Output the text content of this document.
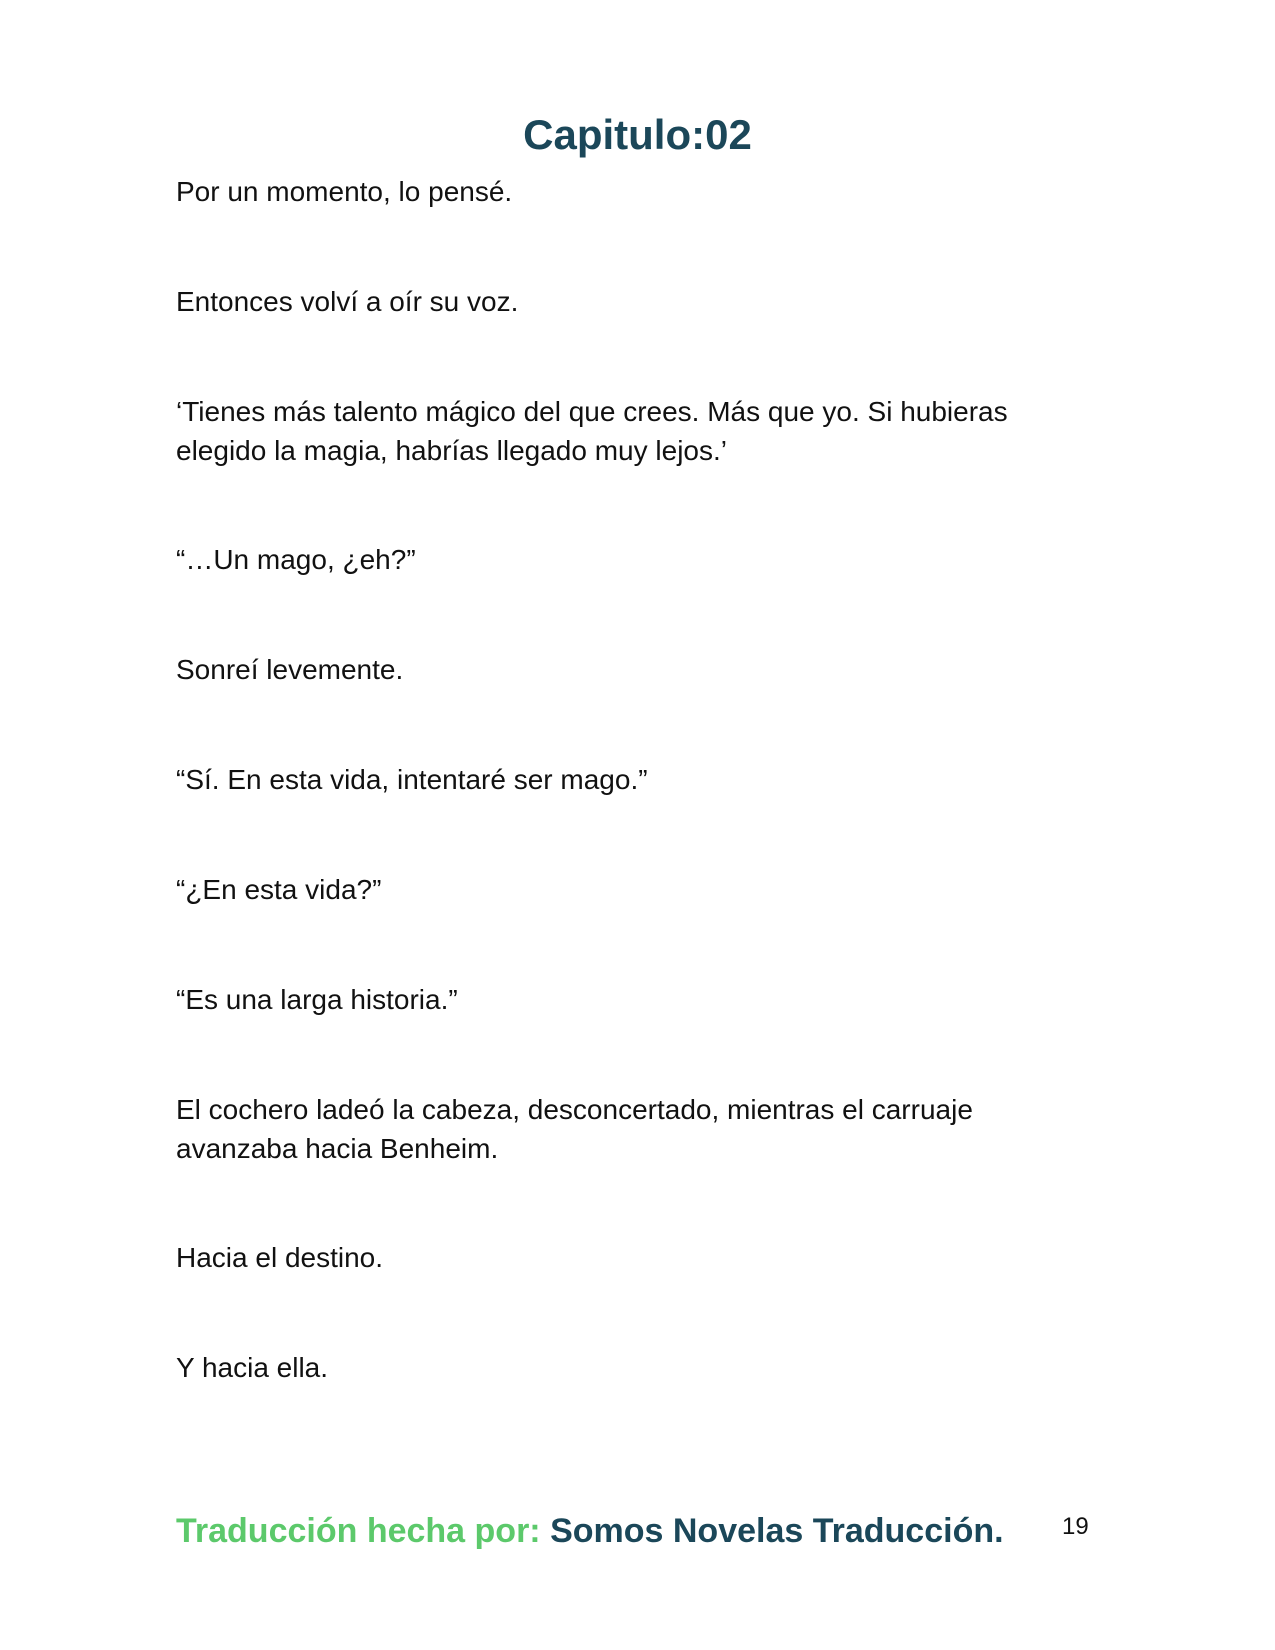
Capitulo:02

Por un momento, lo pensé.

Entonces volví a oír su voz.

‘Tienes más talento mágico del que crees. Más que yo. Si hubieras elegido la magia, habrías llegado muy lejos.’

“…Un mago, ¿eh?”

Sonreí levemente.

“Sí. En esta vida, intentaré ser mago.”

“¿En esta vida?”

“Es una larga historia.”

El cochero ladeó la cabeza, desconcertado, mientras el carruaje avanzaba hacia Benheim.

Hacia el destino.

Y hacia ella.

Traducción hecha por: Somos Novelas Traducción. 19
